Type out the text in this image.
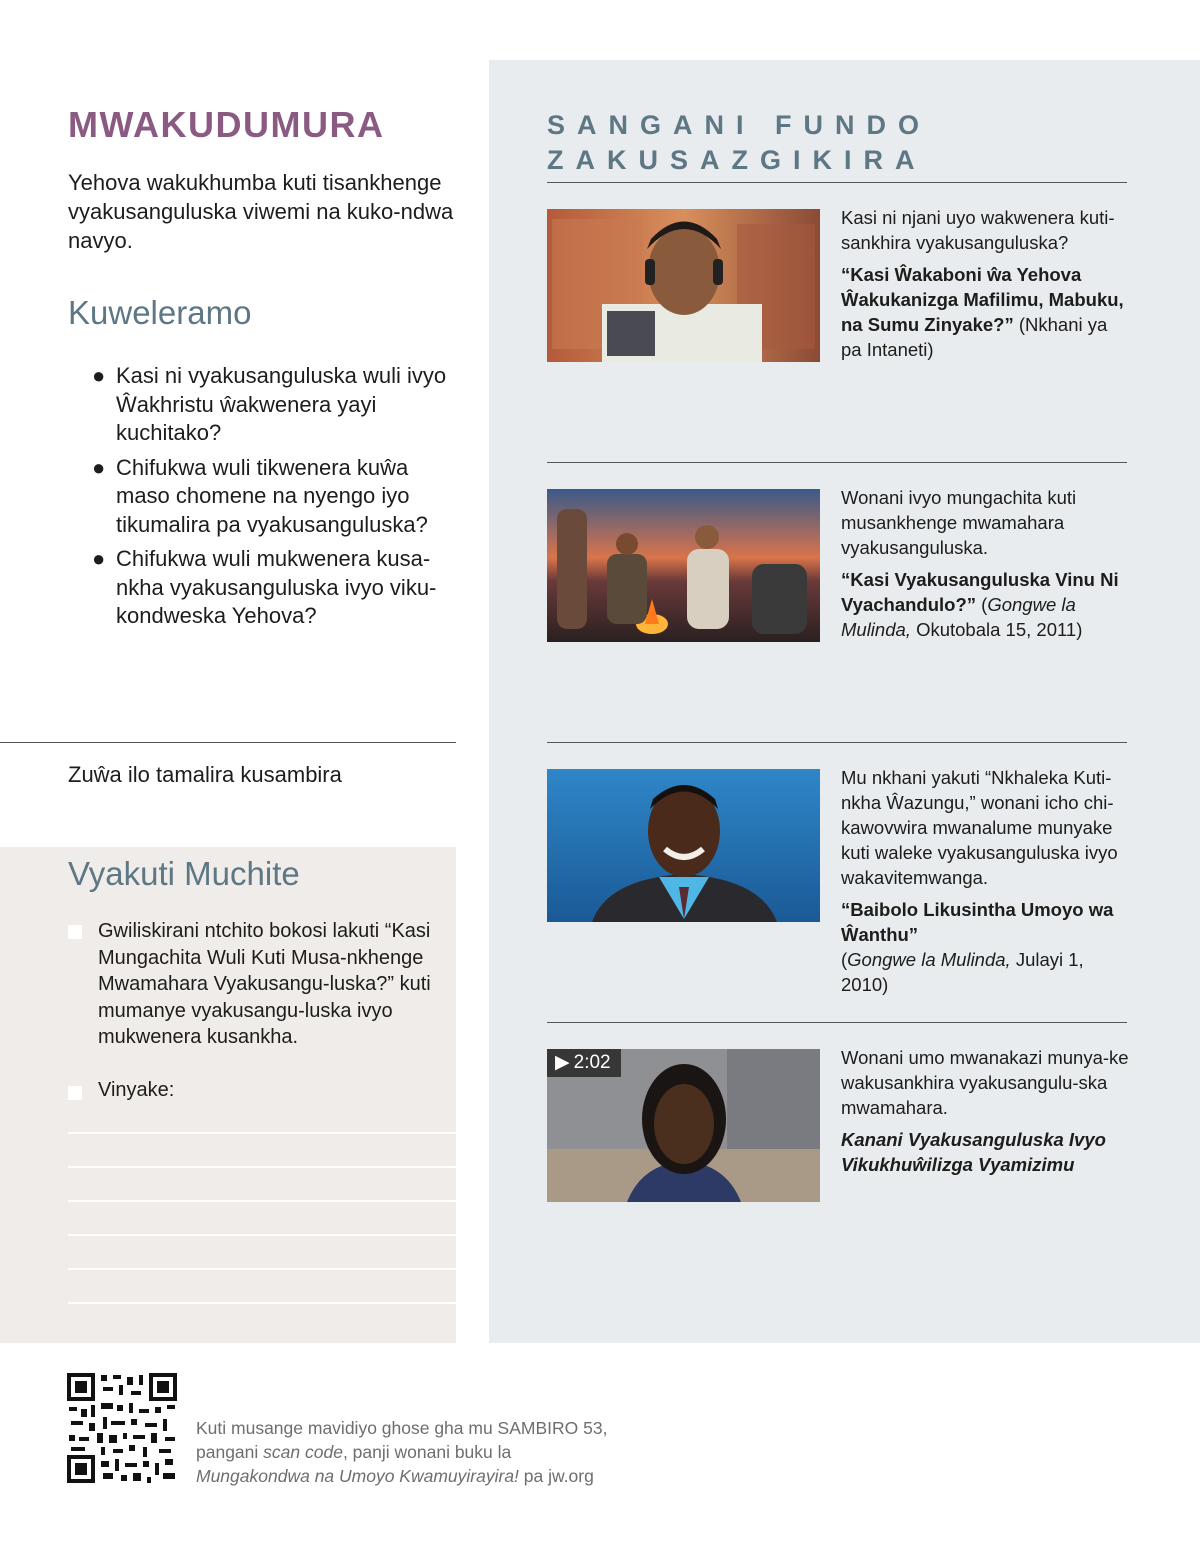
MWAKUDUMURA

Yehova wakukhumba kuti tisankhenge vyakusanguluska viwemi na kuko-ndwa navyo.

Kuweleramo
● Kasi ni vyakusanguluska wuli ivyo Ŵakhristu ŵakwenera yayi kuchitako?
● Chifukwa wuli tikwenera kuŵa maso chomene na nyengo iyo tikumalira pa vyakusanguluska?
● Chifukwa wuli mukwenera kusa-nkha vyakusanguluska ivyo viku-kondweska Yehova?

Zuŵa ilo tamalira kusambira

Vyakuti Muchite

Gwiliskirani ntchito bokosi lakuti “Kasi Mungachita Wuli Kuti Musa-nkhenge Mwamahara Vyakusangu-luska?” kuti mumanye vyakusangu-luska ivyo mukwenera kusankha.

Vinyake:

SANGANI FUNDO ZAKUSAZGIKIRA

Kasi ni njani uyo wakwenera kuti-sankhira vyakusanguluska?

“Kasi Ŵakaboni ŵa Yehova Ŵakukanizga Mafilimu, Mabuku, na Sumu Zinyake?” (Nkhani ya pa Intaneti)

Wonani ivyo mungachita kuti musankhenge mwamahara vyakusanguluska.

“Kasi Vyakusanguluska Vinu Ni Vyachandulo?” (Gongwe la Mulinda, Okutobala 15, 2011)

Mu nkhani yakuti “Nkhaleka Kuti-nkha Ŵazungu,” wonani icho chi-kawovwira mwanalume munyake kuti waleke vyakusanguluska ivyo wakavitemwanga.

“Baibolo Likusintha Umoyo wa Ŵanthu”
(Gongwe la Mulinda, Julayi 1, 2010)

▶ 2:02	Wonani umo mwanakazi munya-ke wakusankhira vyakusangulu-ska mwamahara.

Kanani Vyakusanguluska Ivyo Vikukhuŵilizga Vyamizimu

Kuti musange mavidiyo ghose gha mu SAMBIRO 53,
pangani scan code, panji wonani buku la
Mungakondwa na Umoyo Kwamuyirayira! pa jw.org
